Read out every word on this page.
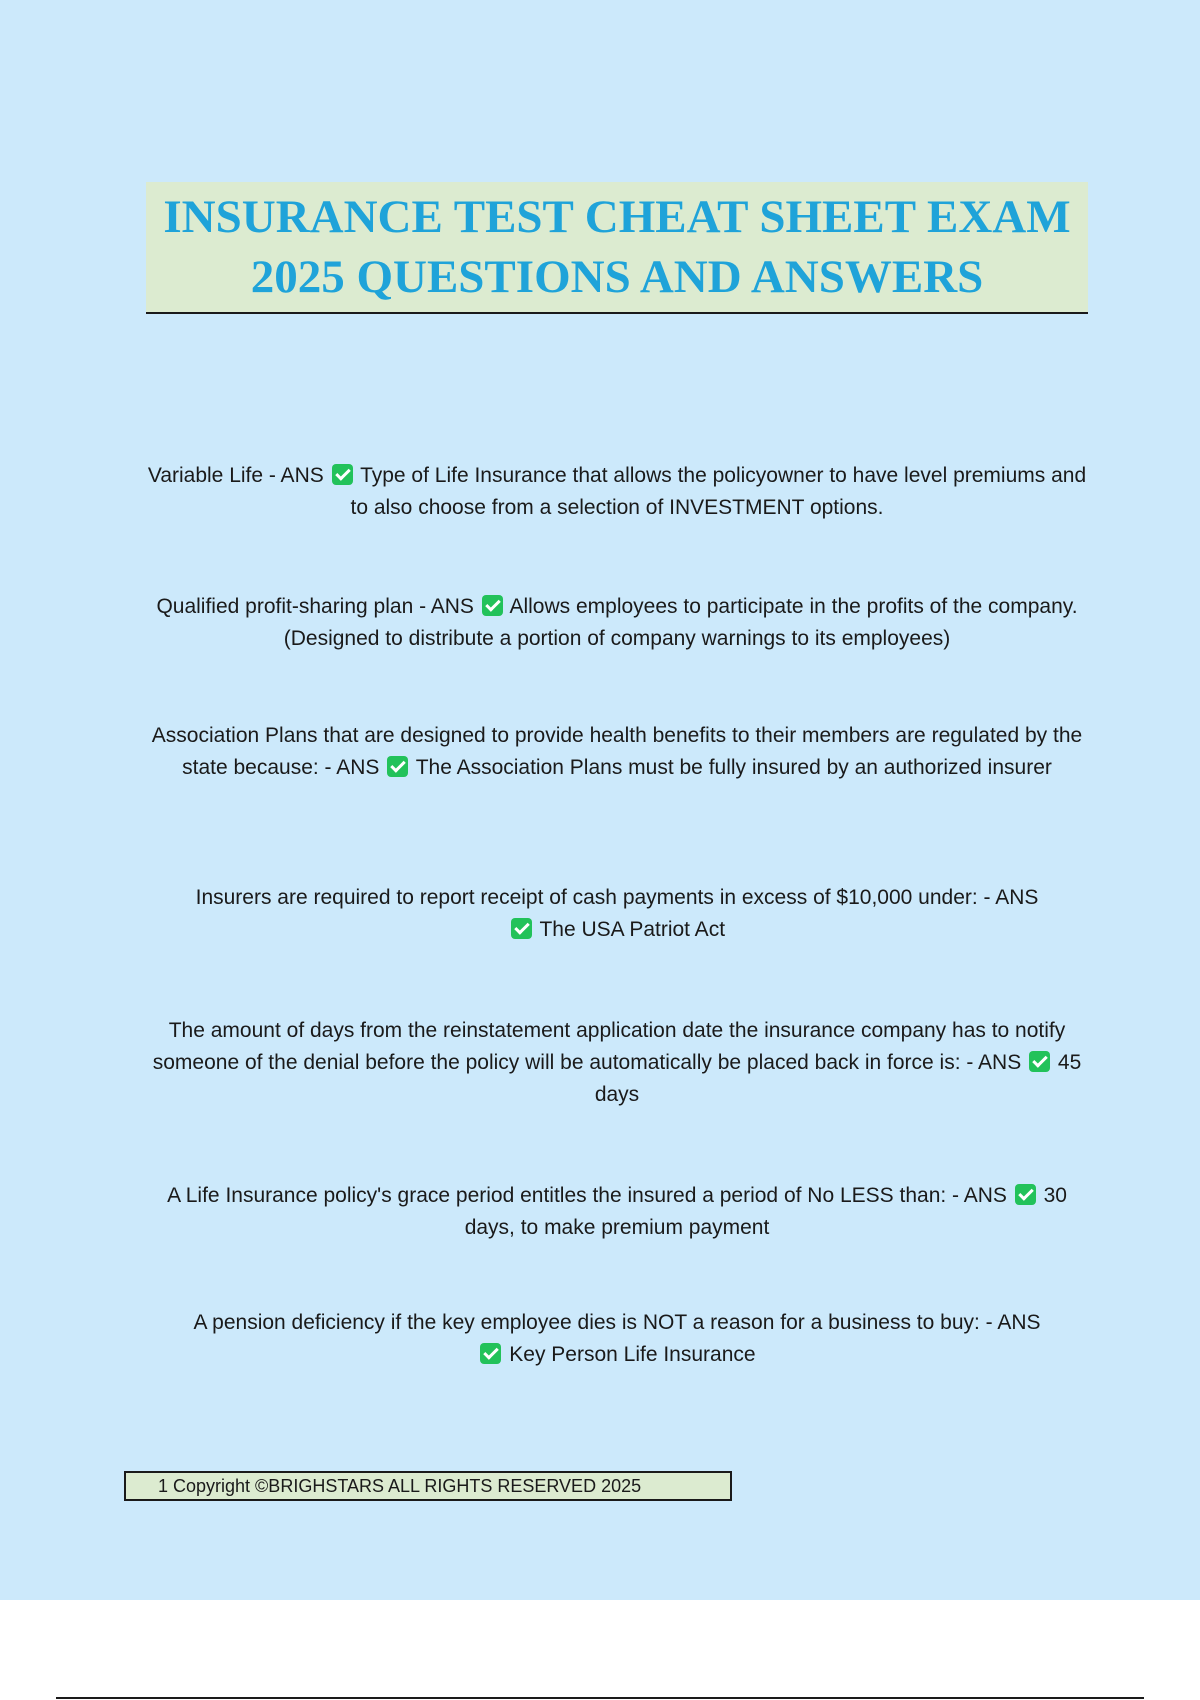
INSURANCE TEST CHEAT SHEET EXAM
2025 QUESTIONS AND ANSWERS
Variable Life - ANS Type of Life Insurance that allows the policyowner to have level premiums and to also choose from a selection of INVESTMENT options.
Qualified profit-sharing plan - ANS Allows employees to participate in the profits of the company. (Designed to distribute a portion of company warnings to its employees)
Association Plans that are designed to provide health benefits to their members are regulated by the state because: - ANS The Association Plans must be fully insured by an authorized insurer
Insurers are required to report receipt of cash payments in excess of $10,000 under: - ANS  The USA Patriot Act
The amount of days from the reinstatement application date the insurance company has to notify someone of the denial before the policy will be automatically be placed back in force is: - ANS 45 days
A Life Insurance policy's grace period entitles the insured a period of No LESS than: - ANS 30 days, to make premium payment
A pension deficiency if the key employee dies is NOT a reason for a business to buy: - ANS  Key Person Life Insurance
1 Copyright ©BRIGHSTARS ALL RIGHTS RESERVED 2025
